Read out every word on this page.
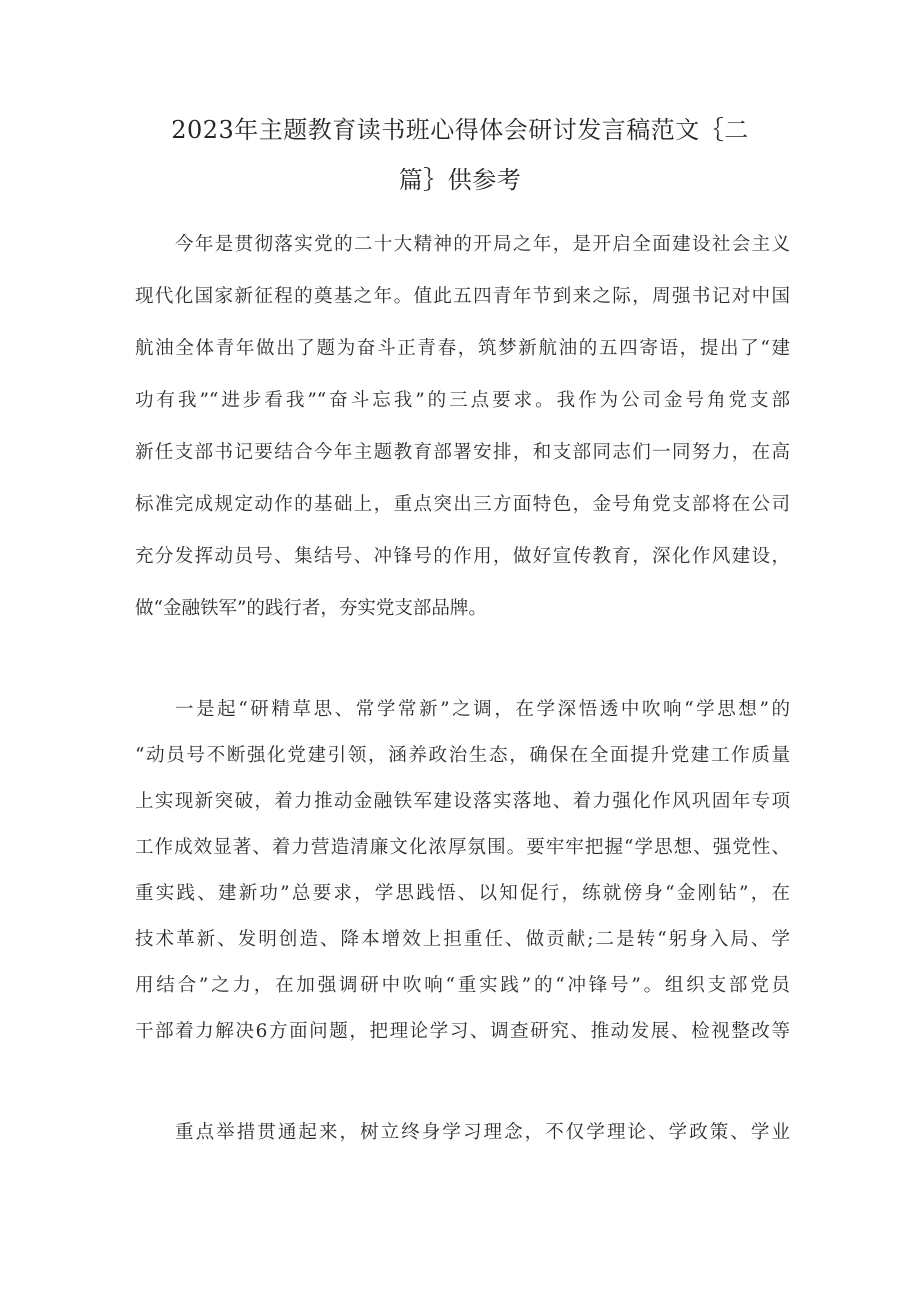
2023年主题教育读书班心得体会研讨发言稿范文｛二
篇｝供参考
今年是贯彻落实党的二十大精神的开局之年，是开启全面建设社会主义
现代化国家新征程的奠基之年。值此五四青年节到来之际，周强书记对中国
航油全体青年做出了题为奋斗正青春，筑梦新航油的五四寄语，提出了“建
功有我”“进步看我”“奋斗忘我”的三点要求。我作为公司金号角党支部
新任支部书记要结合今年主题教育部署安排，和支部同志们一同努力，在高
标准完成规定动作的基础上，重点突出三方面特色，金号角党支部将在公司
充分发挥动员号、集结号、冲锋号的作用，做好宣传教育，深化作风建设，
做“金融铁军”的践行者，夯实党支部品牌。
一是起“研精草思、常学常新”之调，在学深悟透中吹响“学思想”的
“动员号不断强化党建引领，涵养政治生态，确保在全面提升党建工作质量
上实现新突破，着力推动金融铁军建设落实落地、着力强化作风巩固年专项
工作成效显著、着力营造清廉文化浓厚氛围。要牢牢把握“学思想、强党性、
重实践、建新功”总要求，学思践悟、以知促行，练就傍身“金刚钻”，在
技术革新、发明创造、降本增效上担重任、做贡献;二是转“躬身入局、学
用结合”之力，在加强调研中吹响“重实践”的“冲锋号”。组织支部党员
干部着力解决6方面问题，把理论学习、调查研究、推动发展、检视整改等
重点举措贯通起来，树立终身学习理念，不仅学理论、学政策、学业
